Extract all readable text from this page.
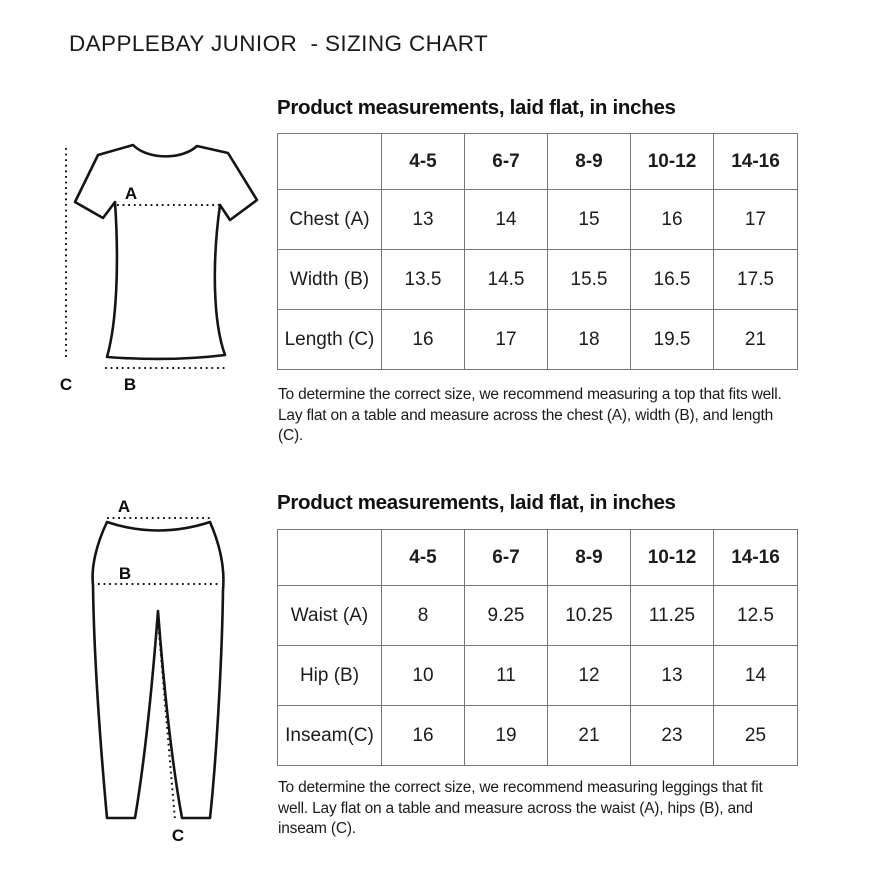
DAPPLEBAY JUNIOR  - SIZING CHART
A
C	B
Product measurements, laid flat, in inches
	4-5	6-7	8-9	10-12	14-16
Chest (A)	13	14	15	16	17
Width (B)	13.5	14.5	15.5	16.5	17.5
Length (C)	16	17	18	19.5	21

To determine the correct size, we recommend measuring a top that fits well. Lay flat on a table and measure across the chest (A), width (B), and length (C).

A
B
C
Product measurements, laid flat, in inches
	4-5	6-7	8-9	10-12	14-16
Waist (A)	8	9.25	10.25	11.25	12.5
Hip (B)	10	11	12	13	14
Inseam(C)	16	19	21	23	25

To determine the correct size, we recommend measuring leggings that fit well. Lay flat on a table and measure across the waist (A), hips (B), and inseam (C).
